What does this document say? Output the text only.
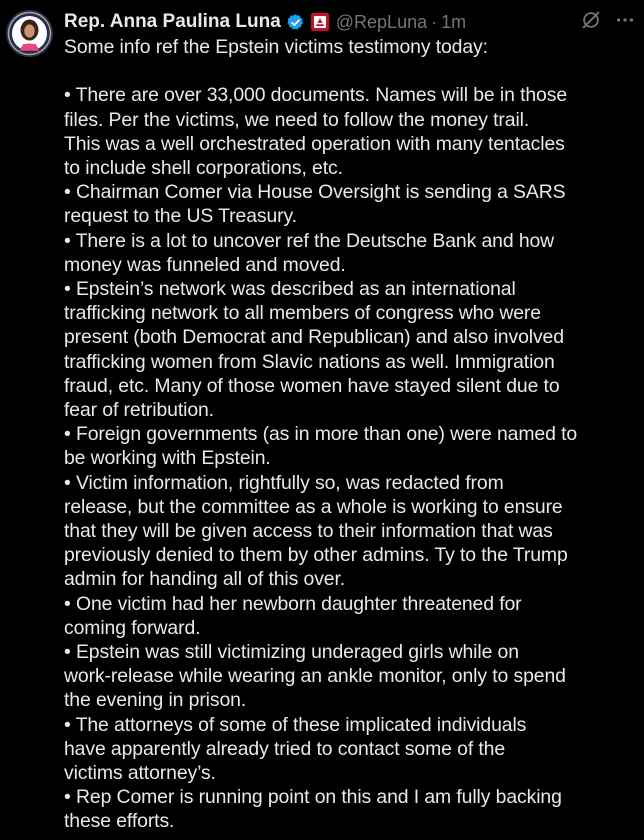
Rep. Anna Paulina Luna	@RepLuna · 1m
Some info ref the Epstein victims testimony today:
• There are over 33,000 documents. Names will be in those
files. Per the victims, we need to follow the money trail.
This was a well orchestrated operation with many tentacles
to include shell corporations, etc.
• Chairman Comer via House Oversight is sending a SARS
request to the US Treasury.
• There is a lot to uncover ref the Deutsche Bank and how
money was funneled and moved.
• Epstein’s network was described as an international
trafficking network to all members of congress who were
present (both Democrat and Republican) and also involved
trafficking women from Slavic nations as well. Immigration
fraud, etc. Many of those women have stayed silent due to
fear of retribution.
• Foreign governments (as in more than one) were named to
be working with Epstein.
• Victim information, rightfully so, was redacted from
release, but the committee as a whole is working to ensure
that they will be given access to their information that was
previously denied to them by other admins. Ty to the Trump
admin for handing all of this over.
• One victim had her newborn daughter threatened for
coming forward.
• Epstein was still victimizing underaged girls while on
work-release while wearing an ankle monitor, only to spend
the evening in prison.
• The attorneys of some of these implicated individuals
have apparently already tried to contact some of the
victims attorney’s.
• Rep Comer is running point on this and I am fully backing
these efforts.
